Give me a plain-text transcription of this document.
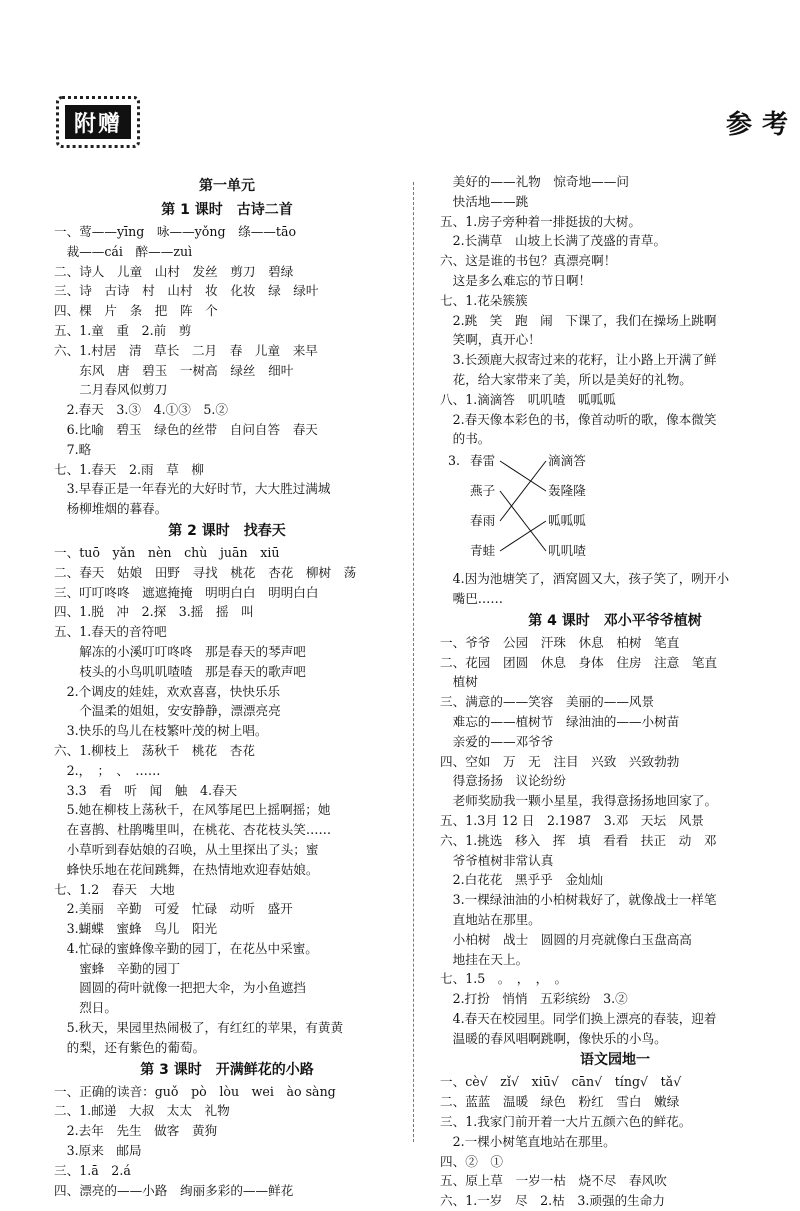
附赠	参考
第一单元
第 1 课时　古诗二首
一、莺——yīng　咏——yǒng　绦——tāo
　裁——cái　醉——zuì
二、诗人　儿童　山村　发丝　剪刀　碧绿
三、诗　古诗　村　山村　妆　化妆　绿　绿叶
四、棵　片　条　把　阵　个
五、1.童　重　2.前　剪
六、1.村居　清　草长　二月　春　儿童　来早
　　东风　唐　碧玉　一树高　绿丝　细叶
　　二月春风似剪刀
　2.春天　3.③　4.①③　5.②
　6.比喻　碧玉　绿色的丝带　自问自答　春天
　7.略
七、1.春天　2.雨　草　柳
　3.早春正是一年春光的大好时节，大大胜过满城
　杨柳堆烟的暮春。
第 2 课时　找春天
一、tuō　yǎn　nèn　chù　juān　xiū
二、春天　姑娘　田野　寻找　桃花　杏花　柳树　荡
三、叮叮咚咚　遮遮掩掩　明明白白　明明白白
四、1.脱　冲　2.探　3.摇　摇　叫
五、1.春天的音符吧
　　解冻的小溪叮叮咚咚　那是春天的琴声吧
　　枝头的小鸟叽叽喳喳　那是春天的歌声吧
　2.个调皮的娃娃，欢欢喜喜，快快乐乐
　　个温柔的姐姐，安安静静，漂漂亮亮
　3.快乐的鸟儿在枝繁叶茂的树上唱。
六、1.柳枝上　荡秋千　桃花　杏花
　2.，　；　、　……
　3.3　看　听　闻　触　4.春天
　5.她在柳枝上荡秋千，在风筝尾巴上摇啊摇；她
　在喜鹊、杜鹃嘴里叫，在桃花、杏花枝头笑……
　小草听到春姑娘的召唤，从土里探出了头；蜜
　蜂快乐地在花间跳舞，在热情地欢迎春姑娘。
七、1.2　春天　大地
　2.美丽　辛勤　可爱　忙碌　动听　盛开
　3.蝴蝶　蜜蜂　鸟儿　阳光
　4.忙碌的蜜蜂像辛勤的园丁，在花丛中采蜜。
　　蜜蜂　辛勤的园丁
　　圆圆的荷叶就像一把把大伞，为小鱼遮挡
　　烈日。
　5.秋天，果园里热闹极了，有红红的苹果，有黄黄
　的梨，还有紫色的葡萄。
第 3 课时　开满鲜花的小路
一、正确的读音：guǒ　pò　lòu　wei　ào sàng
二、1.邮递　大叔　太太　礼物
　2.去年　先生　做客　黄狗
　3.原来　邮局
三、1.ā　2.á
四、漂亮的——小路　绚丽多彩的——鲜花
　美好的——礼物　惊奇地——问
　快活地——跳
五、1.房子旁种着一排挺拔的大树。
　2.长满草　山坡上长满了茂盛的青草。
六、这是谁的书包？真漂亮啊！
　这是多么难忘的节日啊！
七、1.花朵簇簇
　2.跳　笑　跑　闹　下课了，我们在操场上跳啊
　笑啊，真开心！
　3.长颈鹿大叔寄过来的花籽，让小路上开满了鲜
　花，给大家带来了美，所以是美好的礼物。
八、1.滴滴答　叽叽喳　呱呱呱
　2.春天像本彩色的书，像首动听的歌，像本微笑
　的书。
3. 春雷
燕子
春雨
青蛙
滴滴答
轰隆隆
呱呱呱
叽叽喳
　4.因为池塘笑了，酒窝圆又大，孩子笑了，咧开小
　嘴巴……
第 4 课时　邓小平爷爷植树
一、爷爷　公园　汗珠　休息　柏树　笔直
二、花园　团圆　休息　身体　住房　注意　笔直
　植树
三、满意的——笑容　美丽的——风景
　难忘的——植树节　绿油油的——小树苗
　亲爱的——邓爷爷
四、空如　万　无　注目　兴致　兴致勃勃
　得意扬扬　议论纷纷
　老师奖励我一颗小星星，我得意扬扬地回家了。
五、1.3月 12 日　2.1987　3.邓　天坛　风景
六、1.挑选　移入　挥　填　看看　扶正　动　邓
　爷爷植树非常认真
　2.白花花　黑乎乎　金灿灿
　3.一棵绿油油的小柏树栽好了，就像战士一样笔
　直地站在那里。
　小柏树　战士　圆圆的月亮就像白玉盘高高
　地挂在天上。
七、1.5　。　，　，　。
　2.打扮　悄悄　五彩缤纷　3.②
　4.春天在校园里。同学们换上漂亮的春装，迎着
　温暖的春风唱啊跳啊，像快乐的小鸟。
语文园地一
一、cè√　zǐ√　xiū√　cān√　tíng√　tǎ√
二、蓝蓝　温暖　绿色　粉红　雪白　嫩绿
三、1.我家门前开着一大片五颜六色的鲜花。
　2.一棵小树笔直地站在那里。
四、②　①
五、原上草　一岁一枯　烧不尽　春风吹
六、1.一岁　尽　2.枯　3.顽强的生命力
